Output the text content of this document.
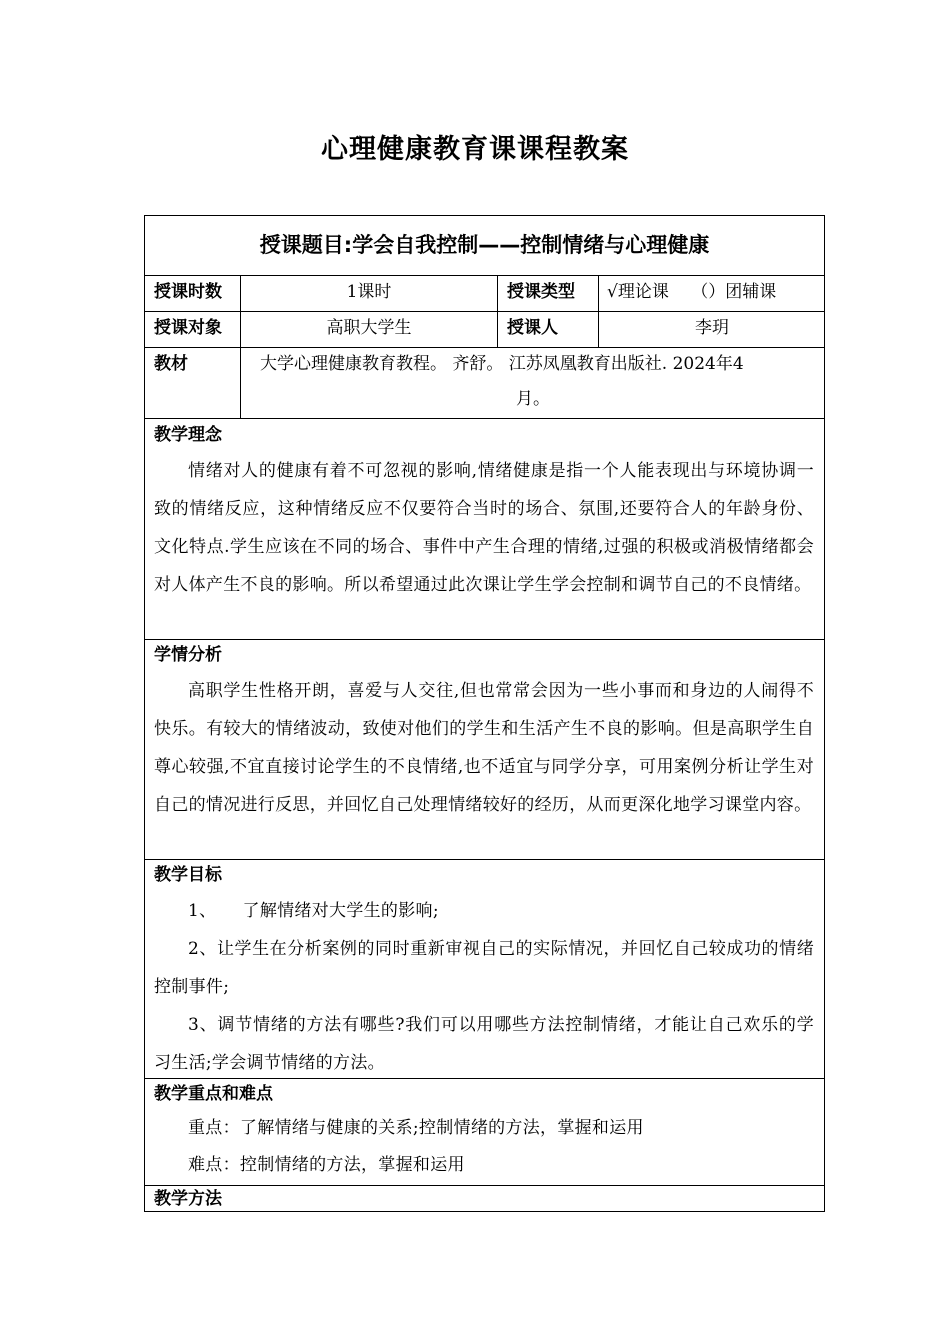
心理健康教育课课程教案
授课题目:学会自我控制——控制情绪与心理健康
授课时数	1课时	授课类型 √理论课　 （）团辅课
授课对象	高职大学生	授课人	李玥
教材	大学心理健康教育教程。 齐舒。 江苏凤凰教育出版社. 2024年4
月。
教学理念
情绪对人的健康有着不可忽视的影响,情绪健康是指一个人能表现出与环境协调一致的情绪反应，这种情绪反应不仅要符合当时的场合、氛围,还要符合人的年龄身份、文化特点.学生应该在不同的场合、事件中产生合理的情绪,过强的积极或消极情绪都会对人体产生不良的影响。所以希望通过此次课让学生学会控制和调节自己的不良情绪。
学情分析
高职学生性格开朗，喜爱与人交往,但也常常会因为一些小事而和身边的人闹得不快乐。有较大的情绪波动，致使对他们的学生和生活产生不良的影响。但是高职学生自尊心较强,不宜直接讨论学生的不良情绪,也不适宜与同学分享，可用案例分析让学生对自己的情况进行反思，并回忆自己处理情绪较好的经历，从而更深化地学习课堂内容。
教学目标
1、　　了解情绪对大学生的影响;
2、让学生在分析案例的同时重新审视自己的实际情况，并回忆自己较成功的情绪控制事件;
3、调节情绪的方法有哪些?我们可以用哪些方法控制情绪，才能让自己欢乐的学习生活;学会调节情绪的方法。
教学重点和难点
重点：了解情绪与健康的关系;控制情绪的方法，掌握和运用
难点：控制情绪的方法，掌握和运用
教学方法
